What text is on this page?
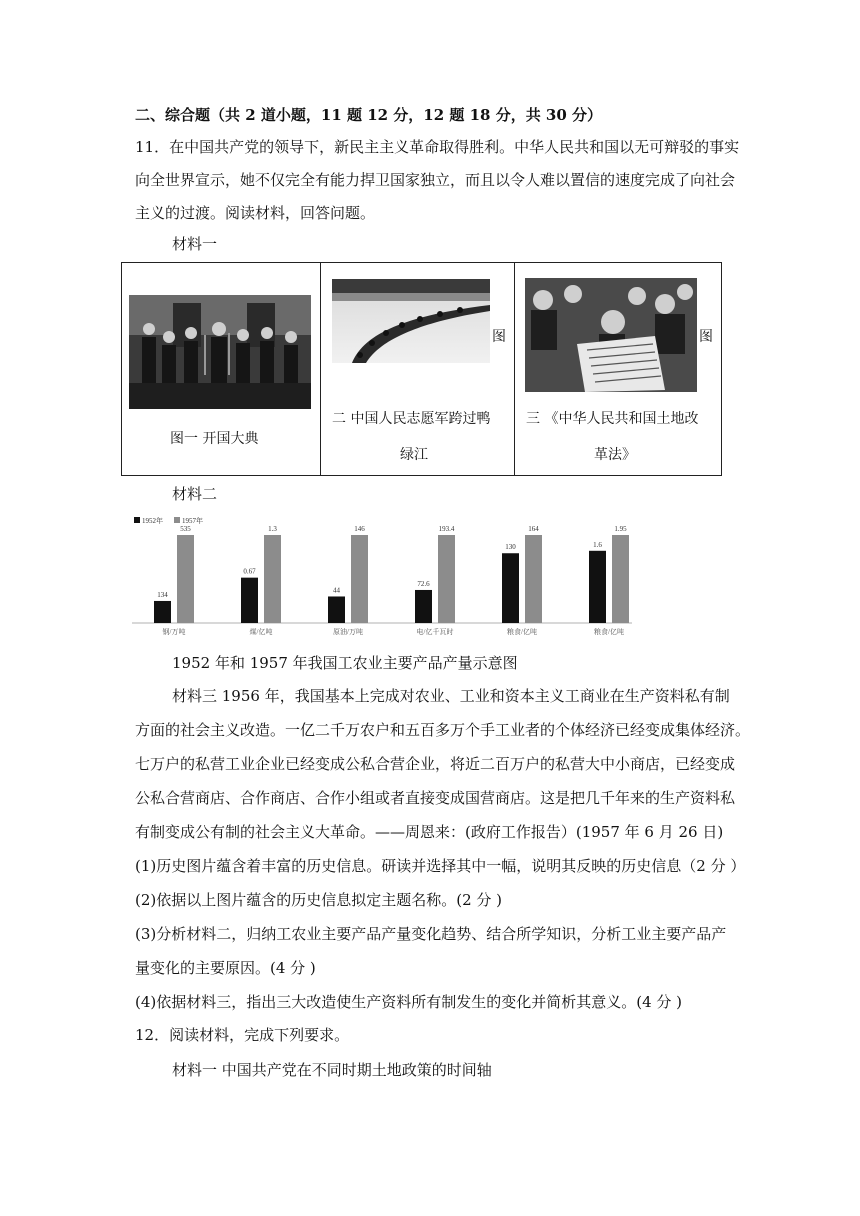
二、综合题（共 2 道小题，11 题 12 分，12 题 18 分，共 30 分）
11．在中国共产党的领导下，新民主主义革命取得胜利。中华人民共和国以无可辩驳的事实
向全世界宣示，她不仅完全有能力捍卫国家独立，而且以令人难以置信的速度完成了向社会
主义的过渡。阅读材料，回答问题。
材料一
图一 开国大典
图
二 中国人民志愿军跨过鸭
绿江
图
三 《中华人民共和国土地改
革法》
材料二
1952年	1957年
134
535
钢/万吨
0.67
1.3
煤/亿吨
44
146
原油/万吨
72.6
193.4
电/亿千瓦时
130
164
粮食/亿吨
1.6
1.95
粮食/亿吨
1952 年和 1957 年我国工农业主要产品产量示意图
材料三 1956 年，我国基本上完成对农业、工业和资本主义工商业在生产资料私有制
方面的社会主义改造。一亿二千万农户和五百多万个手工业者的个体经济已经变成集体经济。
七万户的私营工业企业已经变成公私合营企业，将近二百万户的私营大中小商店，已经变成
公私合营商店、合作商店、合作小组或者直接变成国营商店。这是把几千年来的生产资料私
有制变成公有制的社会主义大革命。——周恩来：(政府工作报告）(1957 年 6 月 26 日)
(1)历史图片蕴含着丰富的历史信息。研读并选择其中一幅，说明其反映的历史信息（2 分 ）
(2)依据以上图片蕴含的历史信息拟定主题名称。(2 分 )
(3)分析材料二，归纳工农业主要产品产量变化趋势、结合所学知识，分析工业主要产品产
量变化的主要原因。(4 分 )
(4)依据材料三，指出三大改造使生产资料所有制发生的变化并简析其意义。(4 分 )
12．阅读材料，完成下列要求。
材料一 中国共产党在不同时期土地政策的时间轴
